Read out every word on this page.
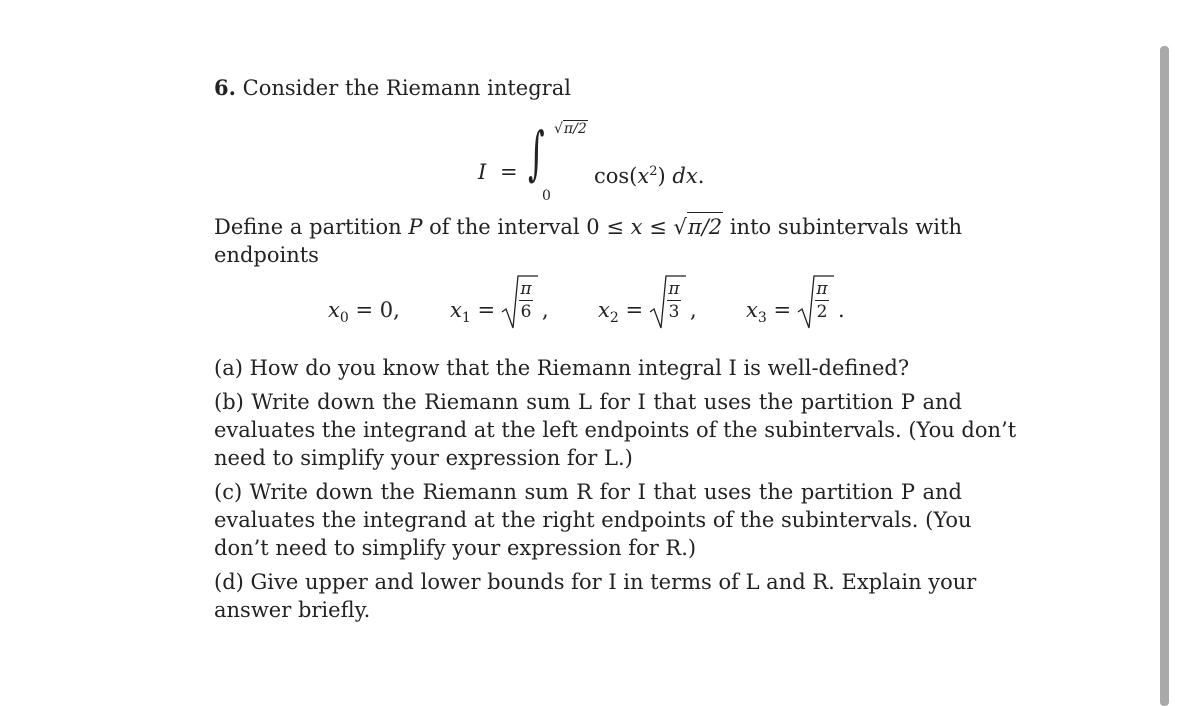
6. Consider the Riemann integral
I = ∫ √π/2
0
$\cos(x^2)$ dx.
Define a partition P of the interval 0 ≤ x ≤ √π/2 into subintervals with
endpoints
$x_0 = 0$, $x_1$ =
π
6 , $x_2$ =
π
3 , $x_3$ =
π
2 .
(a) How do you know that the Riemann integral I is well-defined?
(b) Write down the Riemann sum L for I that uses the partition P and
evaluates the integrand at the left endpoints of the subintervals. (You don’t
need to simplify your expression for L.)
(c) Write down the Riemann sum R for I that uses the partition P and
evaluates the integrand at the right endpoints of the subintervals. (You
don’t need to simplify your expression for R.)
(d) Give upper and lower bounds for I in terms of L and R. Explain your
answer briefly.
